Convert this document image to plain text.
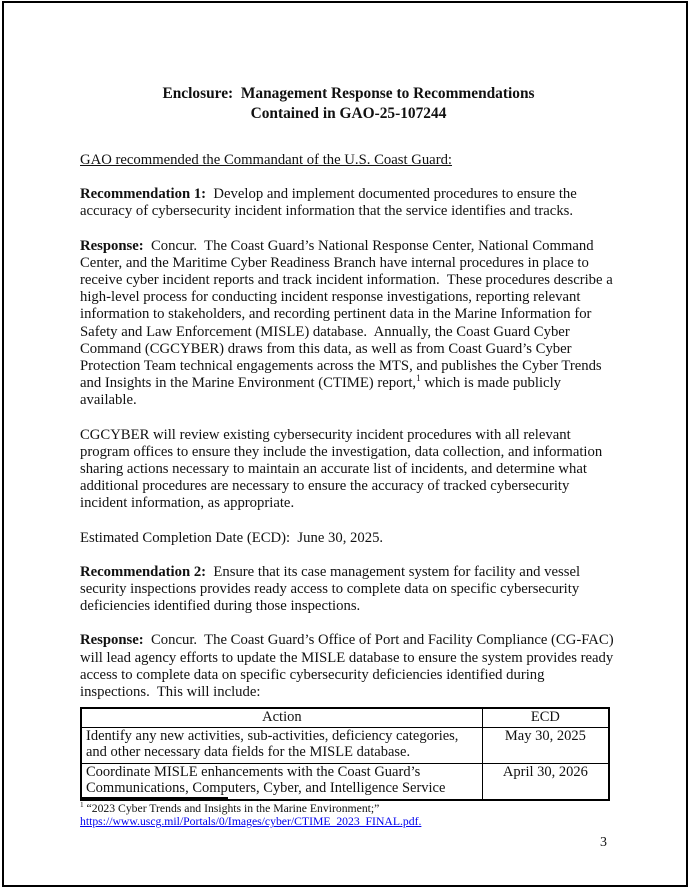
Enclosure:  Management Response to Recommendations
Contained in GAO-25-107244

GAO recommended the Commandant of the U.S. Coast Guard:

Recommendation 1:  Develop and implement documented procedures to ensure the accuracy of cybersecurity incident information that the service identifies and tracks.

Response:  Concur.  The Coast Guard’s National Response Center, National Command Center, and the Maritime Cyber Readiness Branch have internal procedures in place to receive cyber incident reports and track incident information.  These procedures describe a high-level process for conducting incident response investigations, reporting relevant information to stakeholders, and recording pertinent data in the Marine Information for Safety and Law Enforcement (MISLE) database.  Annually, the Coast Guard Cyber Command (CGCYBER) draws from this data, as well as from Coast Guard’s Cyber Protection Team technical engagements across the MTS, and publishes the Cyber Trends and Insights in the Marine Environment (CTIME) report,$^1$ which is made publicly available.

CGCYBER will review existing cybersecurity incident procedures with all relevant program offices to ensure they include the investigation, data collection, and information sharing actions necessary to maintain an accurate list of incidents, and determine what additional procedures are necessary to ensure the accuracy of tracked cybersecurity incident information, as appropriate.

Estimated Completion Date (ECD):  June 30, 2025.

Recommendation 2:  Ensure that its case management system for facility and vessel security inspections provides ready access to complete data on specific cybersecurity deficiencies identified during those inspections.

Response:  Concur.  The Coast Guard’s Office of Port and Facility Compliance (CG-FAC) will lead agency efforts to update the MISLE database to ensure the system provides ready access to complete data on specific cybersecurity deficiencies identified during inspections.  This will include:

Action	ECD
Identify any new activities, sub-activities, deficiency categories, and other necessary data fields for the MISLE database.	May 30, 2025
Coordinate MISLE enhancements with the Coast Guard’s Communications, Computers, Cyber, and Intelligence Service	April 30, 2026
$^1$ “2023 Cyber Trends and Insights in the Marine Environment;”
https://www.uscg.mil/Portals/0/Images/cyber/CTIME_2023_FINAL.pdf.
3
